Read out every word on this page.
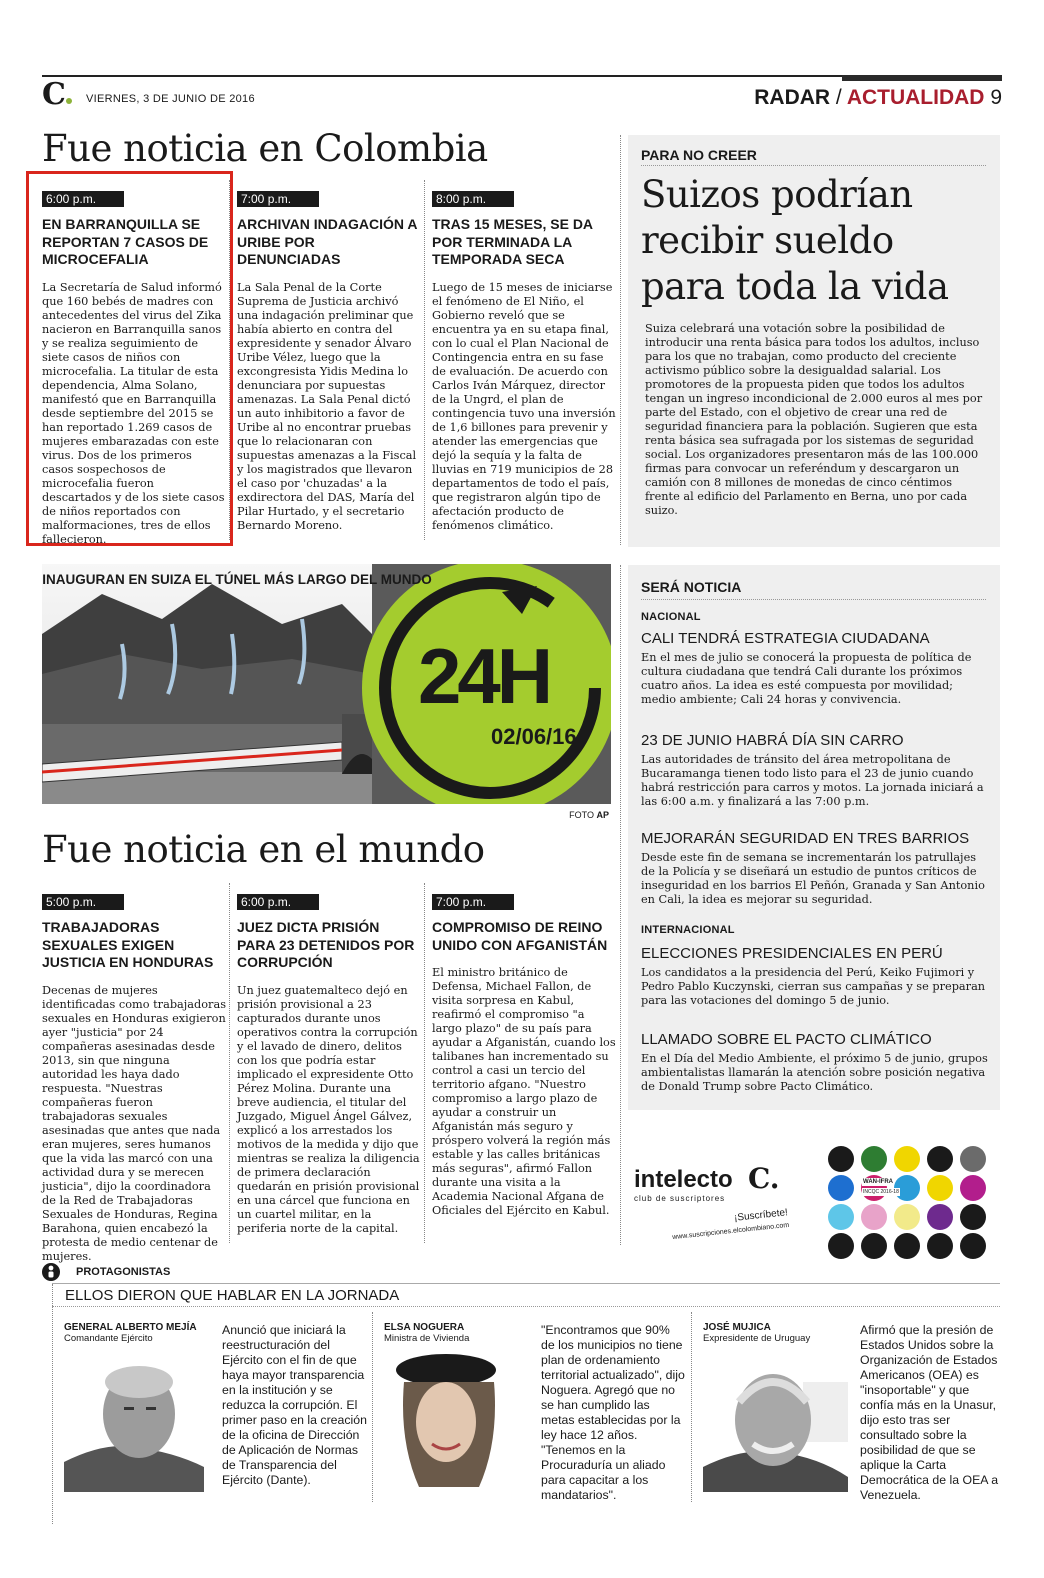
C VIERNES, 3 DE JUNIO DE 2016	RADAR / ACTUALIDAD 9
Fue noticia en Colombia
6:00 p.m.
EN BARRANQUILLA SE REPORTAN 7 CASOS DE MICROCEFALIA
La Secretaría de Salud informó que 160 bebés de madres con antecedentes del virus del Zika nacieron en Barranquilla sanos y se realiza seguimiento de siete casos de niños con microcefalia. La titular de esta dependencia, Alma Solano, manifestó que en Barranquilla desde septiembre del 2015 se han reportado 1.269 casos de mujeres embarazadas con este virus. Dos de los primeros casos sospechosos de microcefalia fueron descartados y de los siete casos de niños reportados con malformaciones, tres de ellos fallecieron.
7:00 p.m.
ARCHIVAN INDAGACIÓN A URIBE POR DENUNCIADAS
La Sala Penal de la Corte Suprema de Justicia archivó una indagación preliminar que había abierto en contra del expresidente y senador Álvaro Uribe Vélez, luego que la excongresista Yidis Medina lo denunciara por supuestas amenazas. La Sala Penal dictó un auto inhibitorio a favor de Uribe al no encontrar pruebas que lo relacionaran con supuestas amenazas a la Fiscal y los magistrados que llevaron el caso por 'chuzadas' a la exdirectora del DAS, María del Pilar Hurtado, y el secretario Bernardo Moreno.
8:00 p.m.
TRAS 15 MESES, SE DA POR TERMINADA LA TEMPORADA SECA
Luego de 15 meses de iniciarse el fenómeno de El Niño, el Gobierno reveló que se encuentra ya en su etapa final, con lo cual el Plan Nacional de Contingencia entra en su fase de evaluación. De acuerdo con Carlos Iván Márquez, director de la Ungrd, el plan de contingencia tuvo una inversión de 1,6 billones para prevenir y atender las emergencias que dejó la sequía y la falta de lluvias en 719 municipios de 28 departamentos de todo el país, que registraron algún tipo de afectación producto de fenómenos climático.
PARA NO CREER
Suizos podrían recibir sueldo para toda la vida
Suiza celebrará una votación sobre la posibilidad de introducir una renta básica para todos los adultos, incluso para los que no trabajan, como producto del creciente activismo público sobre la desigualdad salarial. Los promotores de la propuesta piden que todos los adultos tengan un ingreso incondicional de 2.000 euros al mes por parte del Estado, con el objetivo de crear una red de seguridad financiera para la población. Sugieren que esta renta básica sea sufragada por los sistemas de seguridad social. Los organizadores presentaron más de las 100.000 firmas para convocar un referéndum y descargaron un camión con 8 millones de monedas de cinco céntimos frente al edificio del Parlamento en Berna, uno por cada suizo.
24H
02/06/16
INAUGURAN EN SUIZA EL TÚNEL MÁS LARGO DEL MUNDO
FOTO AP
SERÁ NOTICIA
NACIONAL
CALI TENDRÁ ESTRATEGIA CIUDADANA
En el mes de julio se conocerá la propuesta de política de cultura ciudadana que tendrá Cali durante los próximos cuatro años. La idea es esté compuesta por movilidad; medio ambiente; Cali 24 horas y convivencia.
23 DE JUNIO HABRÁ DÍA SIN CARRO
Las autoridades de tránsito del área metropolitana de Bucaramanga tienen todo listo para el 23 de junio cuando habrá restricción para carros y motos. La jornada iniciará a las 6:00 a.m. y finalizará a las 7:00 p.m.
MEJORARÁN SEGURIDAD EN TRES BARRIOS
Desde este fin de semana se incrementarán los patrullajes de la Policía y se diseñará un estudio de puntos críticos de inseguridad en los barrios El Peñón, Granada y San Antonio en Cali, la idea es mejorar su seguridad.
INTERNACIONAL
ELECCIONES PRESIDENCIALES EN PERÚ
Los candidatos a la presidencia del Perú, Keiko Fujimori y Pedro Pablo Kuczynski, cierran sus campañas y se preparan para las votaciones del domingo 5 de junio.
LLAMADO SOBRE EL PACTO CLIMÁTICO
En el Día del Medio Ambiente, el próximo 5 de junio, grupos ambientalistas llamarán la atención sobre posición negativa de Donald Trump sobre Pacto Climático.
Fue noticia en el mundo
5:00 p.m.
TRABAJADORAS SEXUALES EXIGEN JUSTICIA EN HONDURAS
Decenas de mujeres identificadas como trabajadoras sexuales en Honduras exigieron ayer "justicia" por 24 compañeras asesinadas desde 2013, sin que ninguna autoridad les haya dado respuesta. "Nuestras compañeras fueron trabajadoras sexuales asesinadas que antes que nada eran mujeres, seres humanos que la vida las marcó con una actividad dura y se merecen justicia", dijo la coordinadora de la Red de Trabajadoras Sexuales de Honduras, Regina Barahona, quien encabezó la protesta de medio centenar de mujeres.
6:00 p.m.
JUEZ DICTA PRISIÓN PARA 23 DETENIDOS POR CORRUPCIÓN
Un juez guatemalteco dejó en prisión provisional a 23 capturados durante unos operativos contra la corrupción y el lavado de dinero, delitos con los que podría estar implicado el expresidente Otto Pérez Molina. Durante una breve audiencia, el titular del Juzgado, Miguel Ángel Gálvez, explicó a los arrestados los motivos de la medida y dijo que mientras se realiza la diligencia de primera declaración quedarán en prisión provisional en una cárcel que funciona en un cuartel militar, en la periferia norte de la capital.
7:00 p.m.
COMPROMISO DE REINO UNIDO CON AFGANISTÁN
El ministro británico de Defensa, Michael Fallon, de visita sorpresa en Kabul, reafirmó el compromiso "a largo plazo" de su país para ayudar a Afganistán, cuando los talibanes han incrementado su control a casi un tercio del territorio afgano. "Nuestro compromiso a largo plazo de ayudar a construir un Afganistán más seguro y próspero volverá la región más estable y las calles británicas más seguras", afirmó Fallon durante una visita a la Academia Nacional Afgana de Oficiales del Ejército en Kabul.
intelecto C.
club de suscriptores
¡Suscríbete!
www.suscripciones.elcolombiano.com
WAN-IFRA
INCQC 2016-18
PROTAGONISTAS
ELLOS DIERON QUE HABLAR EN LA JORNADA
GENERAL ALBERTO MEJÍA
Comandante Ejército
Anunció que iniciará la reestructuración del Ejército con el fin de que haya mayor transparencia en la institución y se reduzca la corrupción. El primer paso en la creación de la oficina de Dirección de Aplicación de Normas de Transparencia del Ejército (Dante).
ELSA NOGUERA
Ministra de Vivienda
"Encontramos que 90% de los municipios no tiene plan de ordenamiento territorial actualizado", dijo Noguera. Agregó que no se han cumplido las metas establecidas por la ley hace 12 años. "Tenemos en la Procuraduría un aliado para capacitar a los mandatarios".
JOSÉ MUJICA
Expresidente de Uruguay
Afirmó que la presión de Estados Unidos sobre la Organización de Estados Americanos (OEA) es "insoportable" y que confía más en la Unasur, dijo esto tras ser consultado sobre la posibilidad de que se aplique la Carta Democrática de la OEA a Venezuela.
